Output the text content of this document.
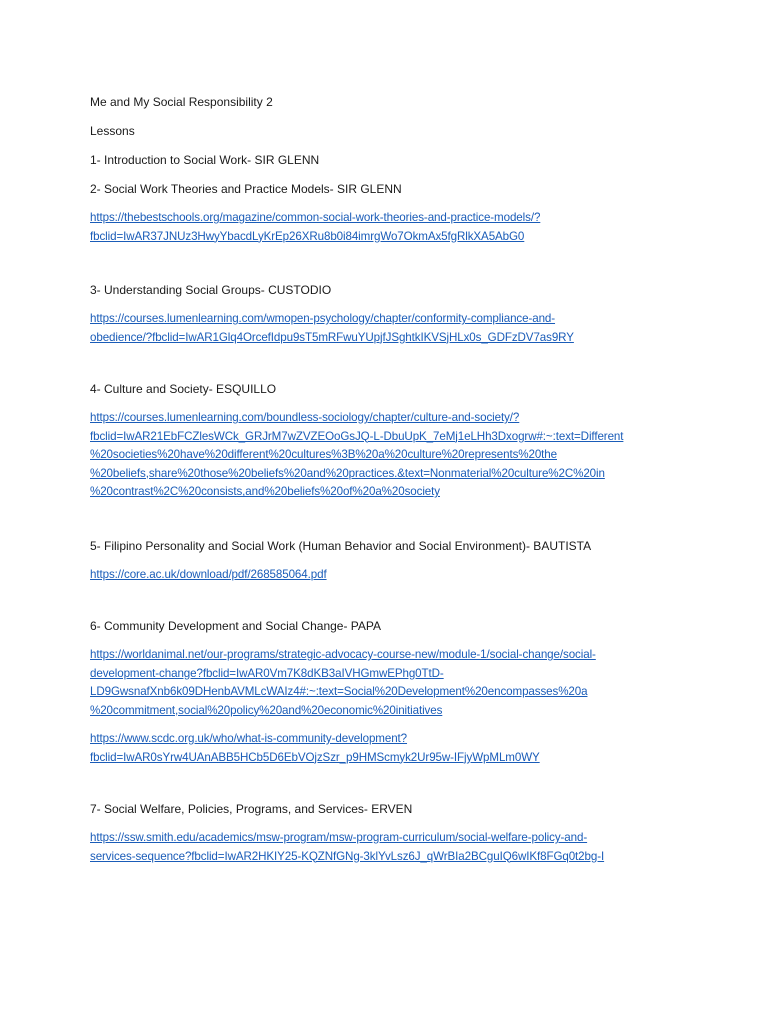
Me and My Social Responsibility 2

Lessons

1- Introduction to Social Work- SIR GLENN

2- Social Work Theories and Practice Models- SIR GLENN

https://thebestschools.org/magazine/common-social-work-theories-and-practice-models/?

fbclid=IwAR37JNUz3HwyYbacdLyKrEp26XRu8b0i84imrgWo7OkmAx5fgRlkXA5AbG0

3- Understanding Social Groups- CUSTODIO

https://courses.lumenlearning.com/wmopen-psychology/chapter/conformity-compliance-and-

obedience/?fbclid=IwAR1Glq4OrcefIdpu9sT5mRFwuYUpjfJSghtkIKVSjHLx0s_GDFzDV7as9RY

4- Culture and Society- ESQUILLO

https://courses.lumenlearning.com/boundless-sociology/chapter/culture-and-society/?

fbclid=IwAR21EbFCZlesWCk_GRJrM7wZVZEOoGsJQ-L-DbuUpK_7eMj1eLHh3Dxogrw#:~:text=Different

%20societies%20have%20different%20cultures%3B%20a%20culture%20represents%20the

%20beliefs,share%20those%20beliefs%20and%20practices.&text=Nonmaterial%20culture%2C%20in

%20contrast%2C%20consists,and%20beliefs%20of%20a%20society

5- Filipino Personality and Social Work (Human Behavior and Social Environment)- BAUTISTA

https://core.ac.uk/download/pdf/268585064.pdf

6- Community Development and Social Change- PAPA

https://worldanimal.net/our-programs/strategic-advocacy-course-new/module-1/social-change/social-

development-change?fbclid=IwAR0Vm7K8dKB3aIVHGmwEPhg0TtD-

LD9GwsnafXnb6k09DHenbAVMLcWAIz4#:~:text=Social%20Development%20encompasses%20a

%20commitment,social%20policy%20and%20economic%20initiatives

https://www.scdc.org.uk/who/what-is-community-development?

fbclid=IwAR0sYrw4UAnABB5HCb5D6EbVOjzSzr_p9HMScmyk2Ur95w-IFjyWpMLm0WY

7- Social Welfare, Policies, Programs, and Services- ERVEN

https://ssw.smith.edu/academics/msw-program/msw-program-curriculum/social-welfare-policy-and-

services-sequence?fbclid=IwAR2HKIY25-KQZNfGNg-3klYvLsz6J_qWrBIa2BCguIQ6wIKf8FGq0t2bg-I
